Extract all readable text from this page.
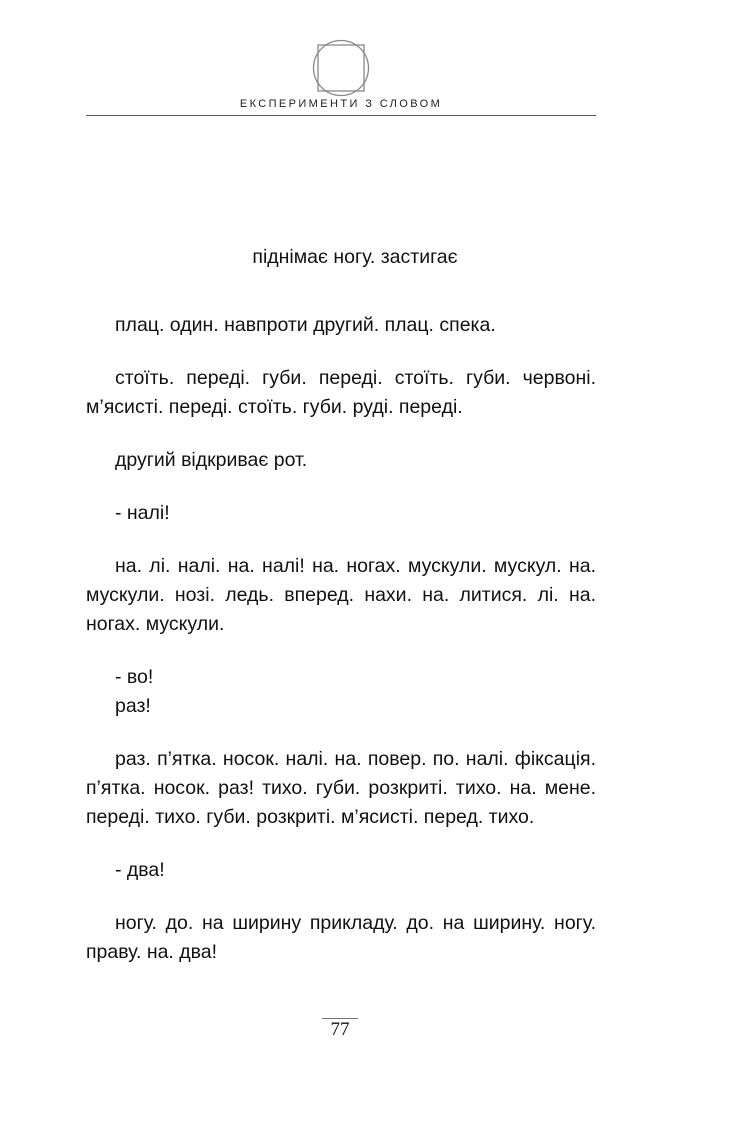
ЕКСПЕРИМЕНТИ З СЛОВОМ
піднімає ногу. застигає

плац. один. навпроти другий. плац. спека.

стоїть. переді. губи. переді. стоїть. губи. червоні. м’ясисті. переді. стоїть. губи. руді. переді.

другий відкриває рот.

- налі!

на. лі. налі. на. налі! на. ногах. мускули. мускул. на. мускули. нозі. ледь. вперед. нахи. на. литися. лі. на. ногах. мускули.

- во!

раз!

раз. п’ятка. носок. налі. на. повер. по. налі. фіксація. п’ятка. носок. раз! тихо. губи. розкриті. тихо. на. мене. переді. тихо. губи. розкриті. м’ясисті. перед. тихо.

- два!

ногу. до. на ширину прикладу. до. на ширину. ногу. праву. на. два!

77
